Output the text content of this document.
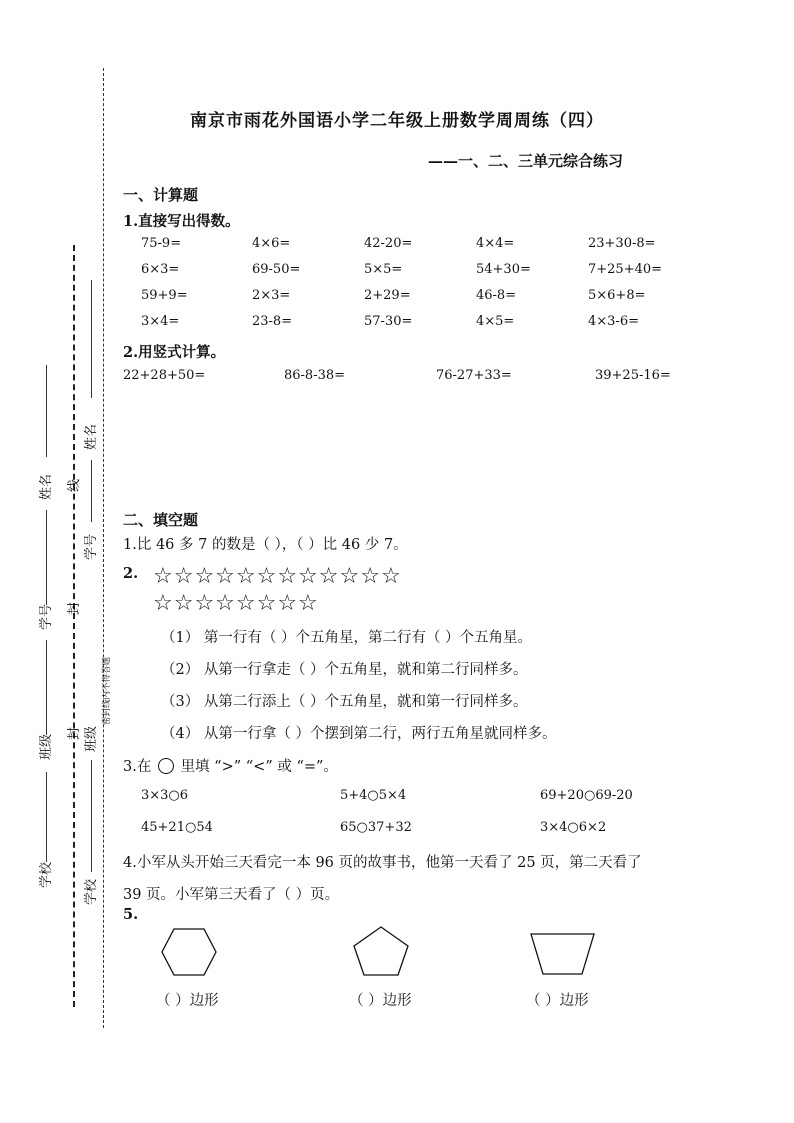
姓名
学号
班级
学校
线
封
封
姓名
学号
密封线内不得答题
班级
学校
南京市雨花外国语小学二年级上册数学周周练（四）
——一、二、三单元综合练习
一、计算题
1.直接写出得数。
75-9=	4×6=	42-20=	4×4=	23+30-8=
6×3=	69-50=	5×5=	54+30=	7+25+40=
59+9=	2×3=	2+29=	46-8=	5×6+8=
3×4=	23-8=	57-30=	4×5=	4×3-6=
2.用竖式计算。
22+28+50=	86-8-38=	76-27+33=	39+25-16=
二、填空题
1.比 46 多 7 的数是（ ），（ ）比 46 少 7。
2. ☆☆☆☆☆☆☆☆☆☆☆☆
☆☆☆☆☆☆☆☆
（1） 第一行有（ ）个五角星，第二行有（ ）个五角星。
（2） 从第一行拿走（ ）个五角星，就和第二行同样多。
（3） 从第二行添上（ ）个五角星，就和第一行同样多。
（4） 从第一行拿（ ）个摆到第二行，两行五角星就同样多。
3.在 里填 “>” “<” 或 “=”。
3×3○6	5+4○5×4	69+20○69-20
45+21○54	65○37+32	3×4○6×2
4.小军从头开始三天看完一本 96 页的故事书，他第一天看了 25 页，第二天看了
39 页。小军第三天看了（ ）页。
5.
（ ）边形	（ ）边形	（ ）边形
